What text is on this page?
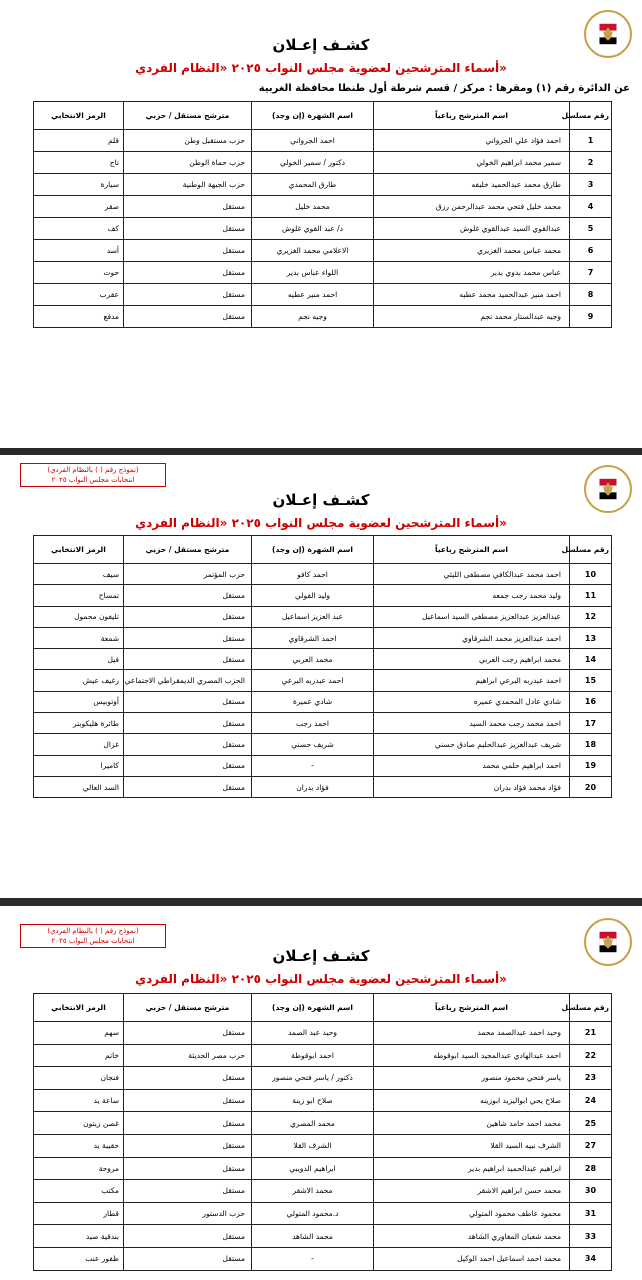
كشـف إعـلان
أسماء المترشحين لعضوية مجلس النواب ٢٠٢٥ «النظام الفردي»
عن الدائرة رقم (١) ومقرها : مركز / قسم شرطة أول طنطا محافظة الغربية
رقم مسلسل	اسم المترشح رباعياً	اسم الشهرة (إن وجد)	مترشح مستقل / حزبي	الرمز الانتخابي
1	احمد فؤاد علي الجرواني	احمد الجرواني	حزب مستقبل وطن	قلم
2	سمير محمد ابراهيم الخولي	دكتور / سمير الخولي	حزب حماة الوطن	تاج
3	طارق محمد عبدالحميد خليفه	طارق المحمدي	حزب الجبهة الوطنية	سيارة
4	محمد خليل فتحي محمد عبدالرحمن رزق	محمد خليل	مستقل	صقر
5	عبدالقوي السيد عبدالقوي غلوش	د/ عبد القوي غلوش	مستقل	كف
6	محمد عباس محمد الغزيري	الاعلامي محمد الغزيري	مستقل	أسد
7	عباس محمد بدوي بدير	اللواء عباس بدير	مستقل	حوت
8	احمد منير عبدالحميد محمد عطيه	احمد منير عطيه	مستقل	عقرب
9	وجيه عبدالستار محمد نجم	وجيه نجم	مستقل	مدفع
(نموذج رقم ( ) بالنظام الفردي)
انتخابات مجلس النواب ٢٠٢٥
كشـف إعـلان
أسماء المترشحين لعضوية مجلس النواب ٢٠٢٥ «النظام الفردي»
رقم مسلسل	اسم المترشح رباعياً	اسم الشهرة (إن وجد)	مترشح مستقل / حزبي	الرمز الانتخابي
10	احمد محمد عبدالكافي مصطفى الليثي	احمد كافو	حزب المؤتمر	سيف
11	وليد محمد رجب جمعه	وليد الفولي	مستقل	تمساح
12	عبدالعزيز عبدالعزيز مصطفى السيد اسماعيل	عبد العزيز اسماعيل	مستقل	تليفون محمول
13	احمد عبدالعزيز محمد الشرقاوي	احمد الشرقاوي	مستقل	شمعة
14	محمد ابراهيم رجب العربي	محمد العربي	مستقل	فيل
15	احمد عبدربه البرعي ابراهيم	احمد عبدربه البرعي	الحزب المصري الديمقراطي الاجتماعي	رغيف عيش
16	شادي عادل المحمدي عميره	شادي عميرة	مستقل	أوتوبيس
17	احمد محمد رجب محمد السيد	احمد رجب	مستقل	طائرة هليكوبتر
18	شريف عبدالعزيز عبدالحليم صادق حسني	شريف حسني	مستقل	غزال
19	احمد ابراهيم حلمي محمد	-	مستقل	كاميرا
20	فؤاد محمد فؤاد بدران	فؤاد بدران	مستقل	السد العالي
(نموذج رقم ( ) بالنظام الفردي)
انتخابات مجلس النواب ٢٠٢٥
كشـف إعـلان
أسماء المترشحين لعضوية مجلس النواب ٢٠٢٥ «النظام الفردي»
رقم مسلسل	اسم المترشح رباعياً	اسم الشهرة (إن وجد)	مترشح مستقل / حزبي	الرمز الانتخابي
21	وحيد احمد عبدالصمد محمد	وحيد عبد الصمد	مستقل	سهم
22	احمد عبدالهادي عبدالمجيد السيد ابوقوطه	احمد ابوقوطة	حزب مصر الحديثة	خاتم
23	ياسر فتحي محمود منصور	دكتور / ياسر فتحي منصور	مستقل	فنجان
24	صلاح يحي ابواليزيد ابوزينه	صلاح ابو زينة	مستقل	ساعة يد
25	محمد احمد حامد شاهين	محمد المصري	مستقل	غصن زيتون
27	الشرف نبيه السيد القلا	الشرف القلا	مستقل	حقيبة يد
28	ابراهيم عبدالحميد ابراهيم بدير	ابراهيم الدويبي	مستقل	مروحة
30	محمد حسن ابراهيم الاشقر	محمد الاشقر	مستقل	مكتب
31	محمود عاطف محمود المتولي	د.محمود المتولي	حزب الدستور	قطار
33	محمد شعبان المغاوري الشاهد	محمد الشاهد	مستقل	بندقية صيد
34	محمد احمد اسماعيل احمد الوكيل	-	مستقل	ظفور عنب
